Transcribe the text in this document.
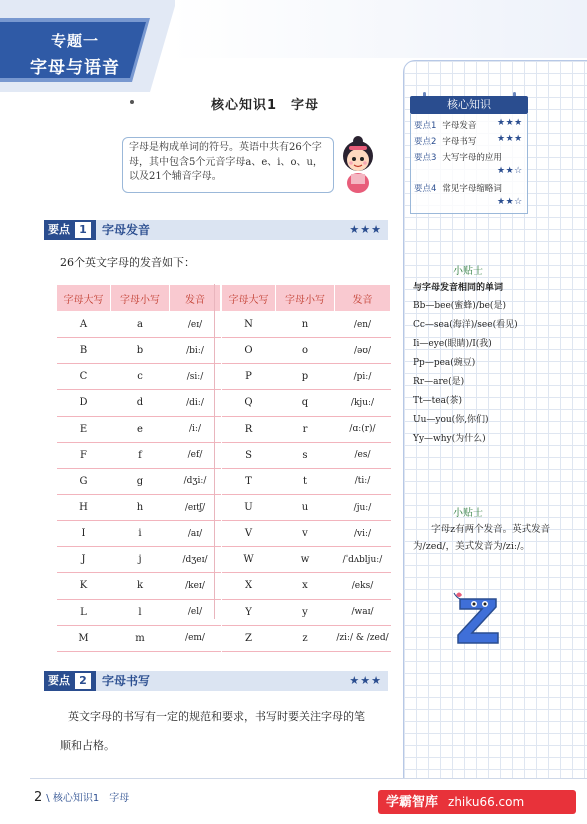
专题一
字母与语音
核心知识1　字母
字母是构成单词的符号。英语中共有26个字母，其中包含5个元音字母a、e、i、o、u，以及21个辅音字母。
要点 1	字母发音	★★★
26个英文字母的发音如下：
字母大写	字母小写	发音
A	a	/eɪ/
B	b	/biː/
C	c	/siː/
D	d	/diː/
E	e	/iː/
F	f	/ef/
G	g	/dʒiː/
H	h	/eɪtʃ/
I	i	/aɪ/
J	j	/dʒeɪ/
K	k	/keɪ/
L	l	/el/
M	m	/em/
字母大写	字母小写	发音
N	n	/en/
O	o	/əʊ/
P	p	/piː/
Q	q	/kjuː/
R	r	/ɑː(r)/
S	s	/es/
T	t	/tiː/
U	u	/juː/
V	v	/viː/
W	w	/ˈdʌbljuː/
X	x	/eks/
Y	y	/waɪ/
Z	z	/ziː/ & /zed/
要点 2	字母书写	★★★
英文字母的书写有一定的规范和要求，书写时要关注字母的笔
顺和占格。
核心知识
要点1 字母发音 ★★★
要点2 字母书写 ★★★
要点3 大写字母的应用
★★☆
要点4 常见字母缩略词
★★☆
小贴士
与字母发音相同的单词
Bb—bee(蜜蜂)/be(是)
Cc—sea(海洋)/see(看见)
Ii—eye(眼睛)/I(我)
Pp—pea(豌豆)
Rr—are(是)
Tt—tea(茶)
Uu—you(你,你们)
Yy—why(为什么)
小贴士
字母z有两个发音。英式发音为/zed/，美式发音为/ziː/。
2 \ 核心知识1　字母	学霸智库 zhiku66.com
